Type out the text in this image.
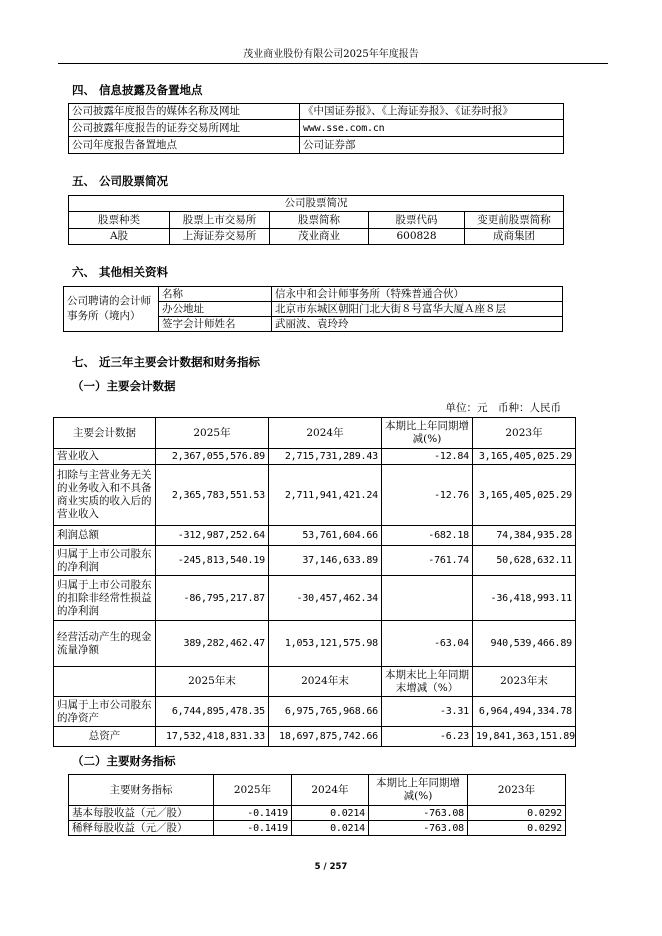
茂业商业股份有限公司2025年年度报告
四、 信息披露及备置地点
公司披露年度报告的媒体名称及网址	《中国证券报》、《上海证券报》、《证券时报》
公司披露年度报告的证券交易所网址	www.sse.com.cn
公司年度报告备置地点	公司证券部
五、 公司股票简况
公司股票简况				
股票种类	股票上市交易所	股票简称	股票代码	变更前股票简称
A股	上海证券交易所	茂业商业	600828	成商集团
六、 其他相关资料
公司聘请的会计师事务所（境内）	名称	信永中和会计师事务所（特殊普通合伙）
	办公地址	北京市东城区朝阳门北大街８号富华大厦Ａ座８层
	签字会计师姓名	武丽波、袁玲玲
七、 近三年主要会计数据和财务指标
（一）主要会计数据
单位：元　币种：人民币
主要会计数据	2025年	2024年	本期比上年同期增减(%)	2023年
营业收入	2,367,055,576.89	2,715,731,289.43	-12.84	3,165,405,025.29
扣除与主营业务无关的业务收入和不具备商业实质的收入后的营业收入	2,365,783,551.53	2,711,941,421.24	-12.76	3,165,405,025.29
利润总额	-312,987,252.64	53,761,604.66	-682.18	74,384,935.28
归属于上市公司股东的净利润	-245,813,540.19	37,146,633.89	-761.74	50,628,632.11
归属于上市公司股东的扣除非经常性损益的净利润	-86,795,217.87	-30,457,462.34		-36,418,993.11
经营活动产生的现金流量净额	389,282,462.47	1,053,121,575.98	-63.04	940,539,466.89
	2025年末	2024年末	本期末比上年同期末增减（%）	2023年末
归属于上市公司股东的净资产	6,744,895,478.35	6,975,765,968.66	-3.31	6,964,494,334.78
总资产	17,532,418,831.33	18,697,875,742.66	-6.23	19,841,363,151.89
（二）主要财务指标
主要财务指标	2025年	2024年	本期比上年同期增减(%)	2023年
基本每股收益（元／股）	-0.1419	0.0214	-763.08	0.0292
稀释每股收益（元／股）	-0.1419	0.0214	-763.08	0.0292
5 / 257
